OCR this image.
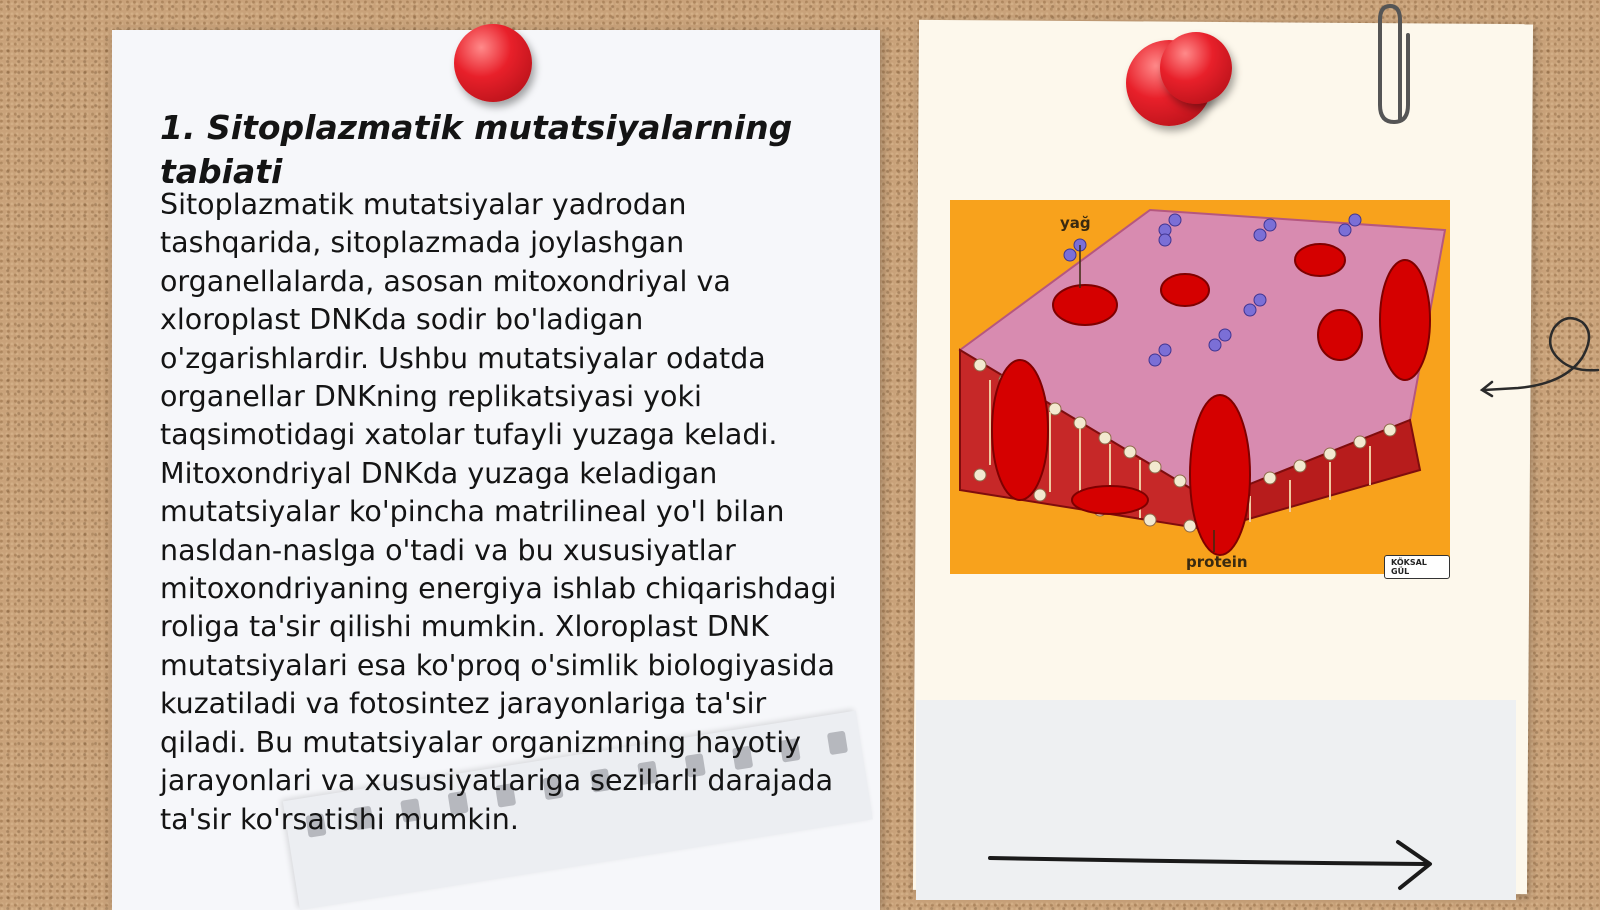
1. Sitoplazmatik mutatsiyalarning tabiati

Sitoplazmatik mutatsiyalar yadrodan tashqarida, sitoplazmada joylashgan organellalarda, asosan mitoxondriyal va xloroplast DNKda sodir bo'ladigan o'zgarishlardir. Ushbu mutatsiyalar odatda organellar DNKning replikatsiyasi yoki taqsimotidagi xatolar tufayli yuzaga keladi. Mitoxondriyal DNKda yuzaga keladigan mutatsiyalar ko'pincha matrilineal yo'l bilan nasldan-naslga o'tadi va bu xususiyatlar mitoxondriyaning energiya ishlab chiqarishdagi roliga ta'sir qilishi mumkin. Xloroplast DNK mutatsiyalari esa ko'proq o'simlik biologiyasida kuzatiladi va fotosintez jarayonlariga ta'sir qiladi. Bu mutatsiyalar organizmning hayotiy jarayonlari va xususiyatlariga sezilarli darajada ta'sir ko'rsatishi mumkin.

yağ
protein	KÖKSAL GÜL
